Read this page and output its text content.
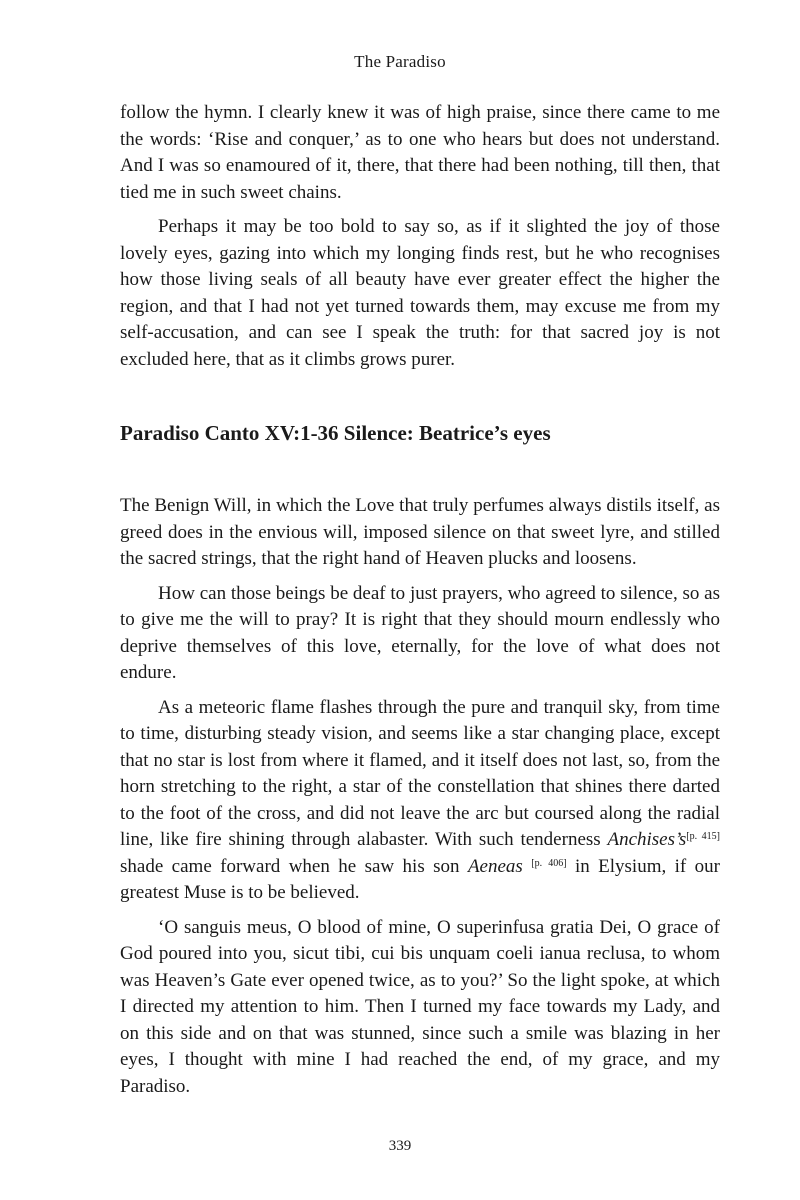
The Paradiso

follow the hymn. I clearly knew it was of high praise, since there came to me the words: ‘Rise and conquer,’ as to one who hears but does not understand. And I was so enamoured of it, there, that there had been nothing, till then, that tied me in such sweet chains.

Perhaps it may be too bold to say so, as if it slighted the joy of those lovely eyes, gazing into which my longing finds rest, but he who recognises how those living seals of all beauty have ever greater effect the higher the region, and that I had not yet turned towards them, may excuse me from my self-accusation, and can see I speak the truth: for that sacred joy is not excluded here, that as it climbs grows purer.

Paradiso Canto XV:1-36 Silence: Beatrice’s eyes

The Benign Will, in which the Love that truly perfumes always distils itself, as greed does in the envious will, imposed silence on that sweet lyre, and stilled the sacred strings, that the right hand of Heaven plucks and loosens.

How can those beings be deaf to just prayers, who agreed to silence, so as to give me the will to pray? It is right that they should mourn endlessly who deprive themselves of this love, eternally, for the love of what does not endure.

As a meteoric flame flashes through the pure and tranquil sky, from time to time, disturbing steady vision, and seems like a star changing place, except that no star is lost from where it flamed, and it itself does not last, so, from the horn stretching to the right, a star of the constellation that shines there darted to the foot of the cross, and did not leave the arc but coursed along the radial line, like fire shining through alabaster. With such tenderness Anchises’s[p. 415] shade came forward when he saw his son Aeneas [p. 406] in Elysium, if our greatest Muse is to be believed.

‘O sanguis meus, O blood of mine, O superinfusa gratia Dei, O grace of God poured into you, sicut tibi, cui bis unquam coeli ianua reclusa, to whom was Heaven’s Gate ever opened twice, as to you?’ So the light spoke, at which I directed my attention to him. Then I turned my face towards my Lady, and on this side and on that was stunned, since such a smile was blazing in her eyes, I thought with mine I had reached the end, of my grace, and my Paradiso.

339
